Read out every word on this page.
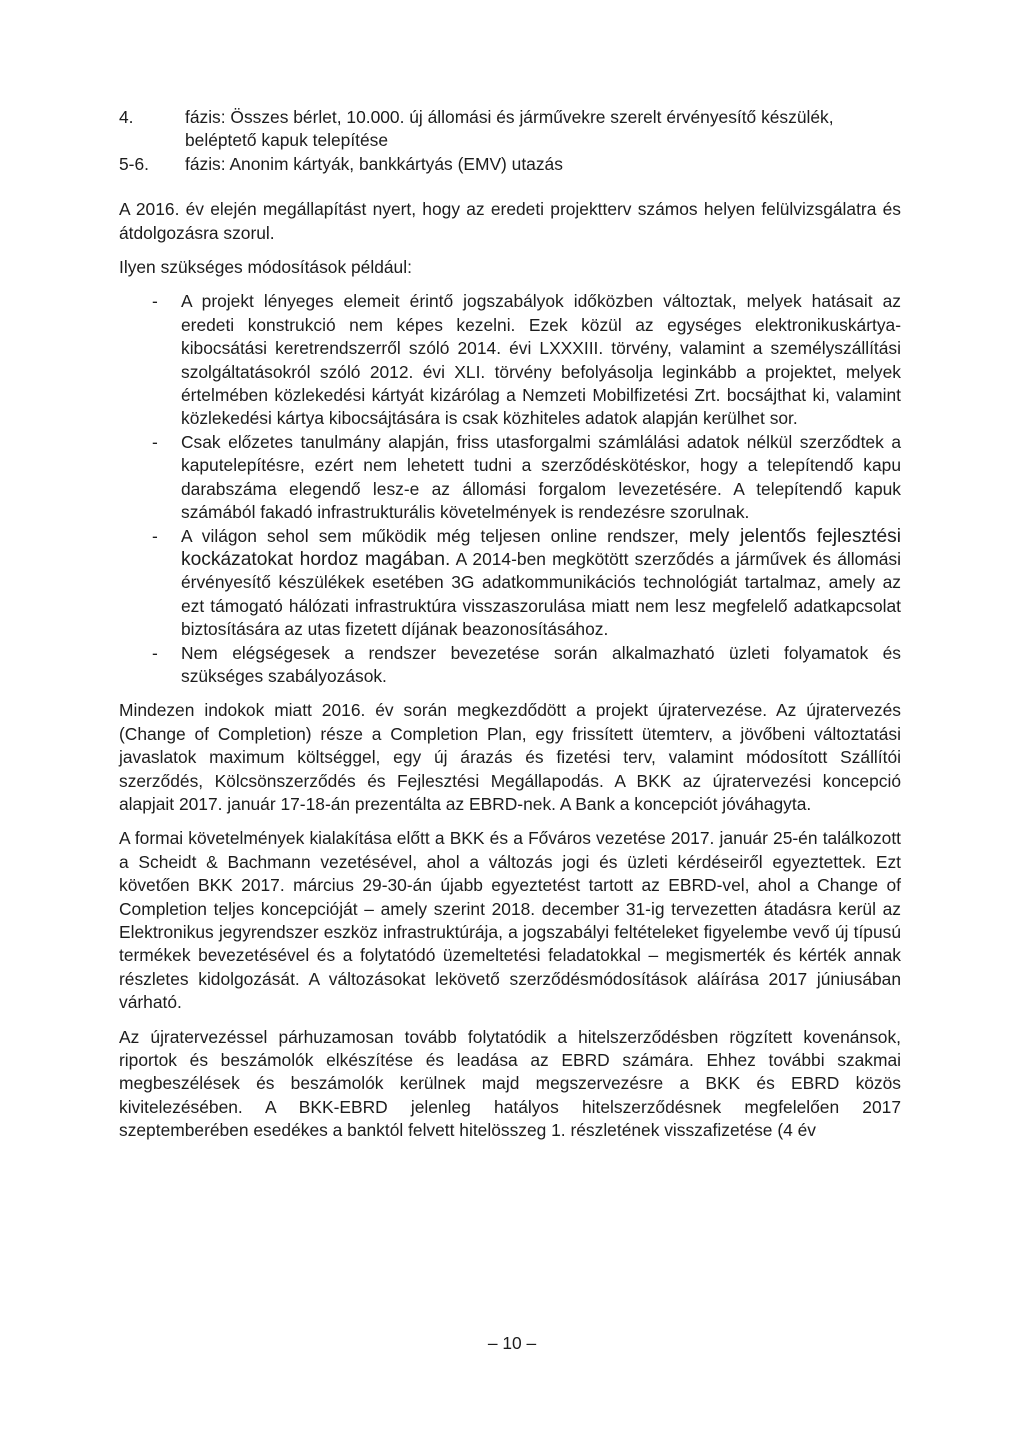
4.	fázis: Összes bérlet, 10.000. új állomási és járművekre szerelt érvényesítő készülék, beléptető kapuk telepítése
5-6.	fázis: Anonim kártyák, bankkártyás (EMV) utazás

A 2016. év elején megállapítást nyert, hogy az eredeti projektterv számos helyen felülvizsgálatra és átdolgozásra szorul.

Ilyen szükséges módosítások például:

-	A projekt lényeges elemeit érintő jogszabályok időközben változtak, melyek hatásait az eredeti konstrukció nem képes kezelni. Ezek közül az egységes elektronikuskártya-kibocsátási keretrendszerről szóló 2014. évi LXXXIII. törvény, valamint a személyszállítási szolgáltatásokról szóló 2012. évi XLI. törvény befolyásolja leginkább a projektet, melyek értelmében közlekedési kártyát kizárólag a Nemzeti Mobilfizetési Zrt. bocsájthat ki, valamint közlekedési kártya kibocsájtására is csak közhiteles adatok alapján kerülhet sor.
-	Csak előzetes tanulmány alapján, friss utasforgalmi számlálási adatok nélkül szerződtek a kaputelepítésre, ezért nem lehetett tudni a szerződéskötéskor, hogy a telepítendő kapu darabszáma elegendő lesz-e az állomási forgalom levezetésére. A telepítendő kapuk számából fakadó infrastrukturális követelmények is rendezésre szorulnak.
-	A világon sehol sem működik még teljesen online rendszer, mely jelentős fejlesztési kockázatokat hordoz magában. A 2014-ben megkötött szerződés a járművek és állomási érvényesítő készülékek esetében 3G adatkommunikációs technológiát tartalmaz, amely az ezt támogató hálózati infrastruktúra visszaszorulása miatt nem lesz megfelelő adatkapcsolat biztosítására az utas fizetett díjának beazonosításához.
-	Nem elégségesek a rendszer bevezetése során alkalmazható üzleti folyamatok és szükséges szabályozások.

Mindezen indokok miatt 2016. év során megkezdődött a projekt újratervezése. Az újratervezés (Change of Completion) része a Completion Plan, egy frissített ütemterv, a jövőbeni változtatási javaslatok maximum költséggel, egy új árazás és fizetési terv, valamint módosított Szállítói szerződés, Kölcsönszerződés és Fejlesztési Megállapodás. A BKK az újratervezési koncepció alapjait 2017. január 17-18-án prezentálta az EBRD-nek. A Bank a koncepciót jóváhagyta.

A formai követelmények kialakítása előtt a BKK és a Főváros vezetése 2017. január 25-én találkozott a Scheidt & Bachmann vezetésével, ahol a változás jogi és üzleti kérdéseiről egyeztettek. Ezt követően BKK 2017. március 29-30-án újabb egyeztetést tartott az EBRD-vel, ahol a Change of Completion teljes koncepcióját – amely szerint 2018. december 31-ig tervezetten átadásra kerül az Elektronikus jegyrendszer eszköz infrastruktúrája, a jogszabályi feltételeket figyelembe vevő új típusú termékek bevezetésével és a folytatódó üzemeltetési feladatokkal – megismerték és kérték annak részletes kidolgozását. A változásokat lekövető szerződésmódosítások aláírása 2017 júniusában várható.

Az újratervezéssel párhuzamosan tovább folytatódik a hitelszerződésben rögzített kovenánsok, riportok és beszámolók elkészítése és leadása az EBRD számára. Ehhez további szakmai megbeszélések és beszámolók kerülnek majd megszervezésre a BKK és EBRD közös kivitelezésében. A BKK-EBRD jelenleg hatályos hitelszerződésnek megfelelően 2017 szeptemberében esedékes a banktól felvett hitelösszeg 1. részletének visszafizetése (4 év

– 10 –
